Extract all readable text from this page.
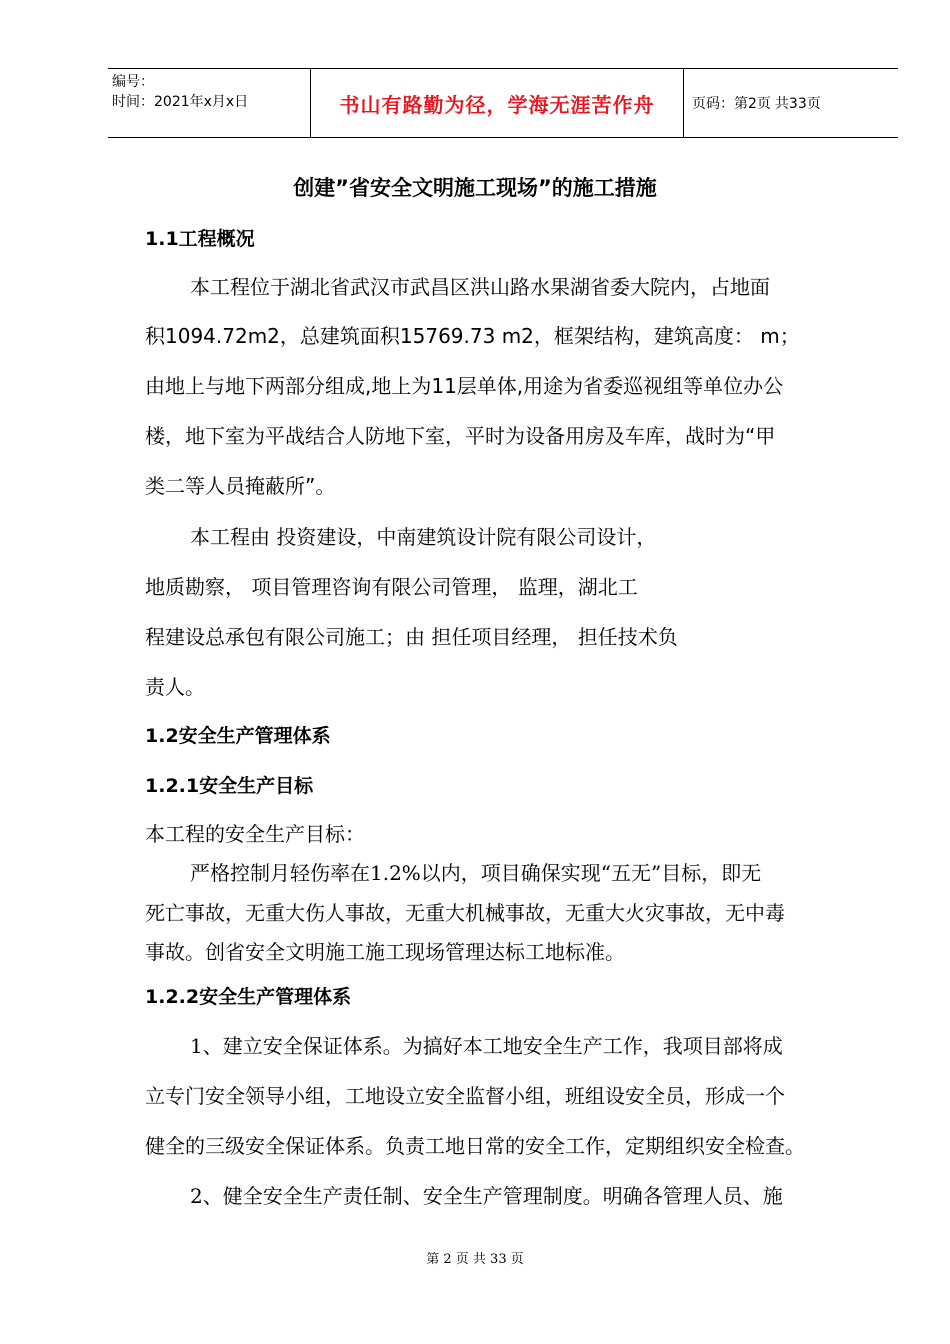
编号：
时间：2021年x月x日	书山有路勤为径，学海无涯苦作舟	页码：第2页 共33页
创建”省安全文明施工现场”的施工措施
1.1工程概况
本工程位于湖北省武汉市武昌区洪山路水果湖省委大院内，占地面
积1094.72m2，总建筑面积15769.73 m2，框架结构，建筑高度： m；
由地上与地下两部分组成,地上为11层单体,用途为省委巡视组等单位办公
楼，地下室为平战结合人防地下室，平时为设备用房及车库，战时为“甲
类二等人员掩蔽所”。
本工程由 投资建设，中南建筑设计院有限公司设计，
地质勘察， 项目管理咨询有限公司管理， 监理，湖北工
程建设总承包有限公司施工；由 担任项目经理， 担任技术负
责人。
1.2安全生产管理体系
1.2.1安全生产目标
本工程的安全生产目标：
严格控制月轻伤率在1.2%以内，项目确保实现“五无”目标，即无
死亡事故，无重大伤人事故，无重大机械事故，无重大火灾事故，无中毒
事故。创省安全文明施工施工现场管理达标工地标准。
1.2.2安全生产管理体系
1、建立安全保证体系。为搞好本工地安全生产工作，我项目部将成
立专门安全领导小组，工地设立安全监督小组，班组设安全员，形成一个
健全的三级安全保证体系。负责工地日常的安全工作，定期组织安全检查。
2、健全安全生产责任制、安全生产管理制度。明确各管理人员、施
第 2 页 共 33 页
